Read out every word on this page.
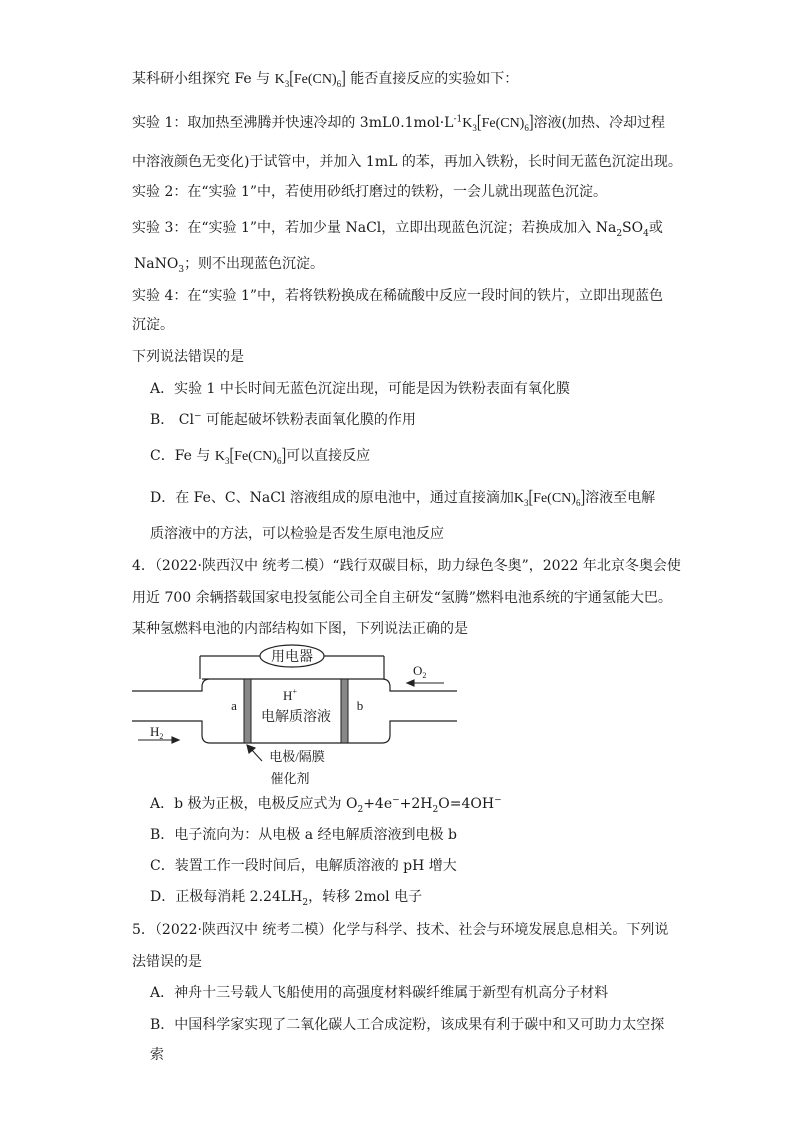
某科研小组探究 Fe 与 $K_3[Fe(CN)_6]$ 能否直接反应的实验如下：
实验 1：取加热至沸腾并快速冷却的 $3mL0.1mol\cdot L^{-1}K_3[Fe(CN)_6]$溶液(加热、冷却过程
中溶液颜色无变化)于试管中，并加入 1mL 的苯，再加入铁粉，长时间无蓝色沉淀出现。
实验 2：在“实验 1”中，若使用砂纸打磨过的铁粉，一会儿就出现蓝色沉淀。
实验 3：在“实验 1”中，若加少量 NaCl，立即出现蓝色沉淀；若换成加入 $Na_2SO_4$或
NaNO$_3$；则不出现蓝色沉淀。
实验 4：在“实验 1”中，若将铁粉换成在稀硫酸中反应一段时间的铁片，立即出现蓝色
沉淀。
下列说法错误的是
A．实验 1 中长时间无蓝色沉淀出现，可能是因为铁粉表面有氧化膜
B． Cl− 可能起破坏铁粉表面氧化膜的作用
C．Fe 与 $K_3[Fe(CN)_6]$可以直接反应
D．在 Fe、C、NaCl 溶液组成的原电池中，通过直接滴加$K_3[Fe(CN)_6]$溶液至电解
质溶液中的方法，可以检验是否发生原电池反应
4．（2022·陕西汉中 统考二模）“践行双碳目标，助力绿色冬奥”，2022 年北京冬奥会使
用近 700 余辆搭载国家电投氢能公司全自主研发“氢腾”燃料电池系统的宇通氢能大巴。
某种氢燃料电池的内部结构如下图，下列说法正确的是
用电器
$O_2$
$H_2$
a	b
H+
电解质溶液
电极/隔膜
催化剂
A．b 极为正极，电极反应式为 $O_2+4e^-+2H_2O=4OH^-$
B．电子流向为：从电极 a 经电解质溶液到电极 b
C．装置工作一段时间后，电解质溶液的 pH 增大
D．正极每消耗 $2.24LH_2$，转移 2mol 电子
5．（2022·陕西汉中 统考二模）化学与科学、技术、社会与环境发展息息相关。下列说
法错误的是
A．神舟十三号载人飞船使用的高强度材料碳纤维属于新型有机高分子材料
B．中国科学家实现了二氧化碳人工合成淀粉，该成果有利于碳中和又可助力太空探
索
